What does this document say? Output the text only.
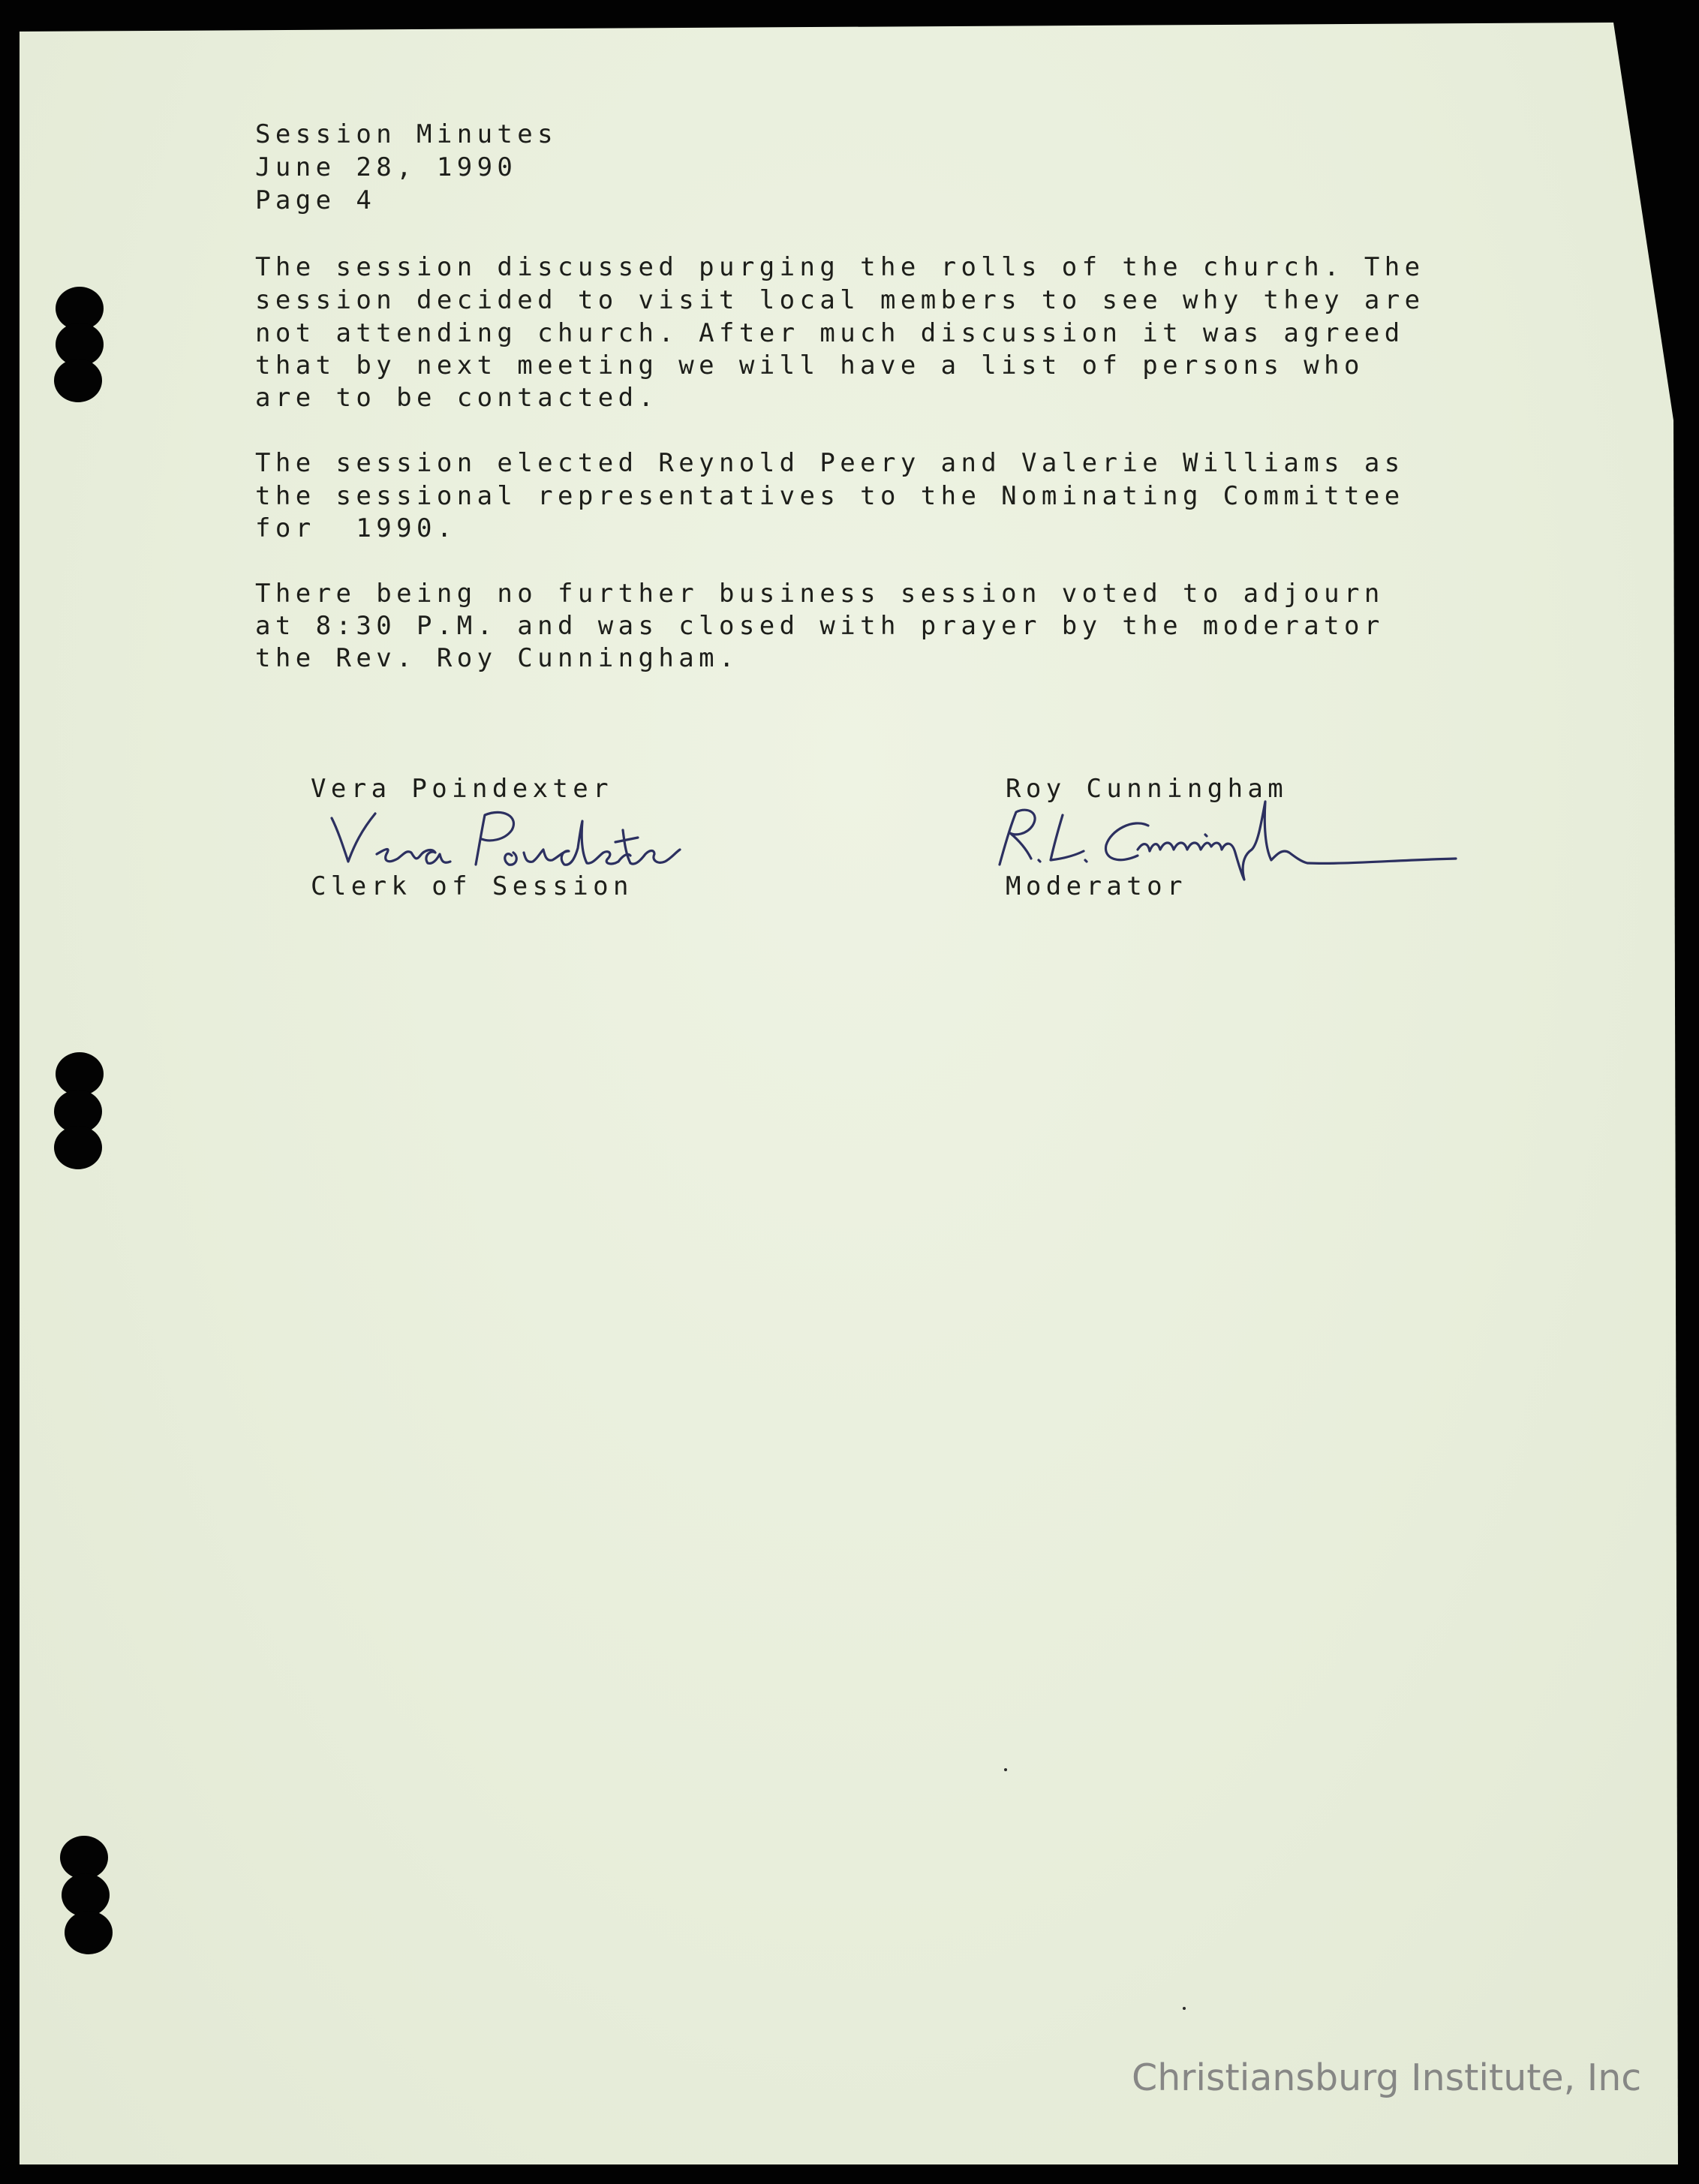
Session Minutes

June 28, 1990

Page 4

The session discussed purging the rolls of the church. The

session decided to visit local members to see why they are

not attending church. After much discussion it was agreed

that by next meeting we will have a list of persons who

are to be contacted.

The session elected Reynold Peery and Valerie Williams as

the sessional representatives to the Nominating Committee

for  1990.

There being no further business session voted to adjourn

at 8:30 P.M. and was closed with prayer by the moderator

the Rev. Roy Cunningham.

Vera Poindexter

Clerk of Session

Roy Cunningham

Moderator

Christiansburg Institute, Inc
